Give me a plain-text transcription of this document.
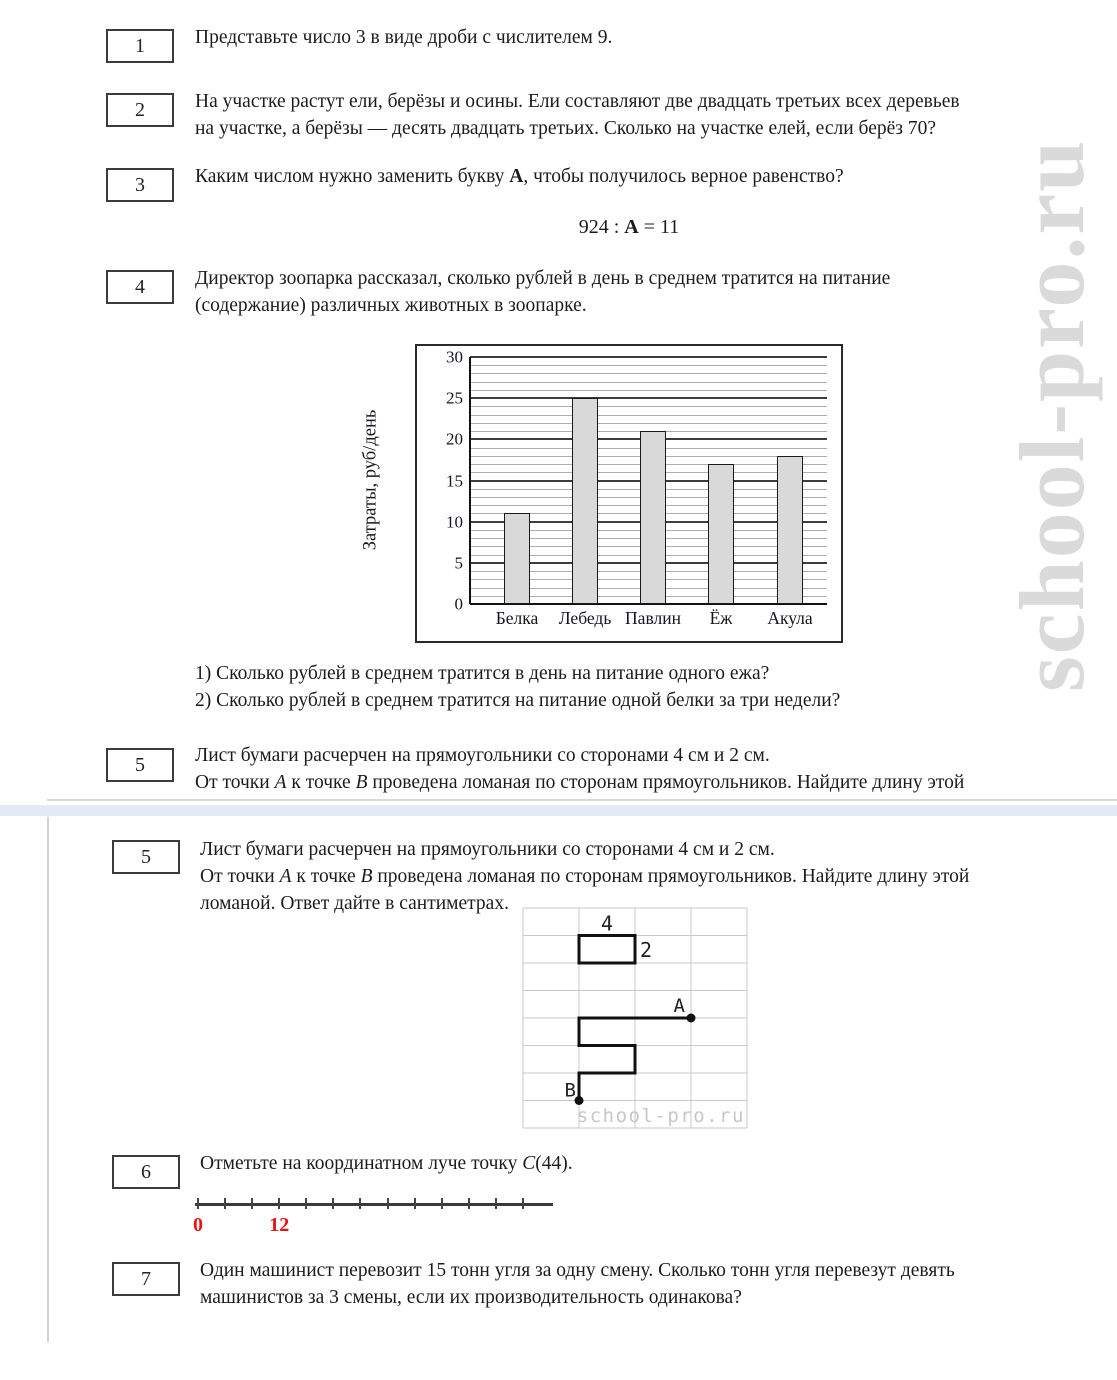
school-pro.ru
1	Представьте число 3 в виде дроби с числителем 9.
2	На участке растут ели, берёзы и осины. Ели составляют две двадцать третьих всех деревьев
на участке, а берёзы — десять двадцать третьих. Сколько на участке елей, если берёз 70?
3	Каким числом нужно заменить букву А, чтобы получилось верное равенство?
924 : А = 11
4	Директор зоопарка рассказал, сколько рублей в день в среднем тратится на питание
(содержание) различных животных в зоопарке.
Затраты, руб/день
0
5
10
15
20
25
30
Белка Лебедь Павлин Ёж Акула
1) Сколько рублей в среднем тратится в день на питание одного ежа?
2) Сколько рублей в среднем тратится на питание одной белки за три недели?
5	Лист бумаги расчерчен на прямоугольники со сторонами 4 см и 2 см.
От точки А к точке В проведена ломаная по сторонам прямоугольников. Найдите длину этой
5	Лист бумаги расчерчен на прямоугольники со сторонами 4 см и 2 см.
От точки А к точке В проведена ломаная по сторонам прямоугольников. Найдите длину этой
ломаной. Ответ дайте в сантиметрах.
4
2
A
B
school-pro.ru
6	Отметьте на координатном луче точку C(44).
0	12
7	Один машинист перевозит 15 тонн угля за одну смену. Сколько тонн угля перевезут девять
машинистов за 3 смены, если их производительность одинакова?
